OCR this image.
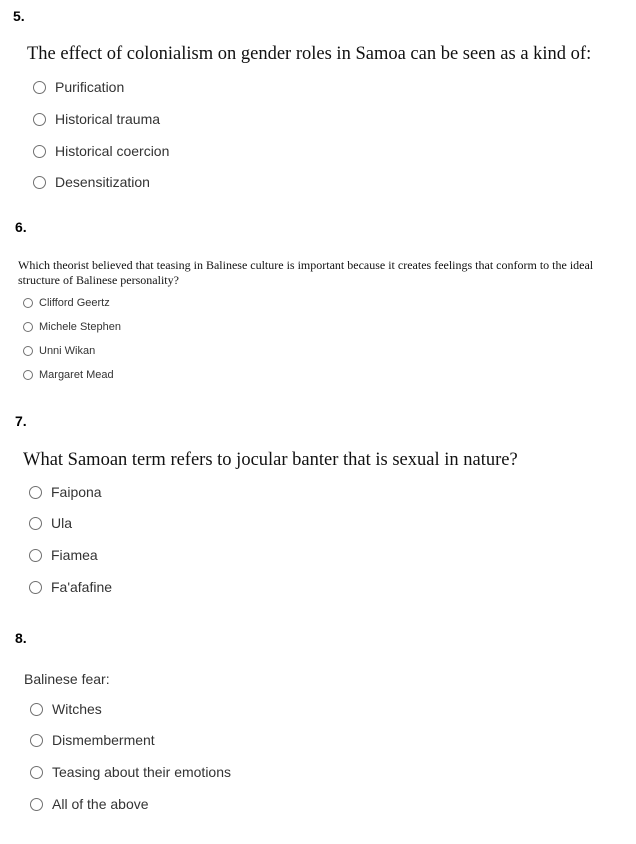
5.
The effect of colonialism on gender roles in Samoa can be seen as a kind of:
Purification
Historical trauma
Historical coercion
Desensitization
6.
Which theorist believed that teasing in Balinese culture is important because it creates feelings that conform to the ideal structure of Balinese personality?
Clifford Geertz
Michele Stephen
Unni Wikan
Margaret Mead
7.
What Samoan term refers to jocular banter that is sexual in nature?
Faipona
Ula
Fiamea
Fa'afafine
8.
Balinese fear:
Witches
Dismemberment
Teasing about their emotions
All of the above
